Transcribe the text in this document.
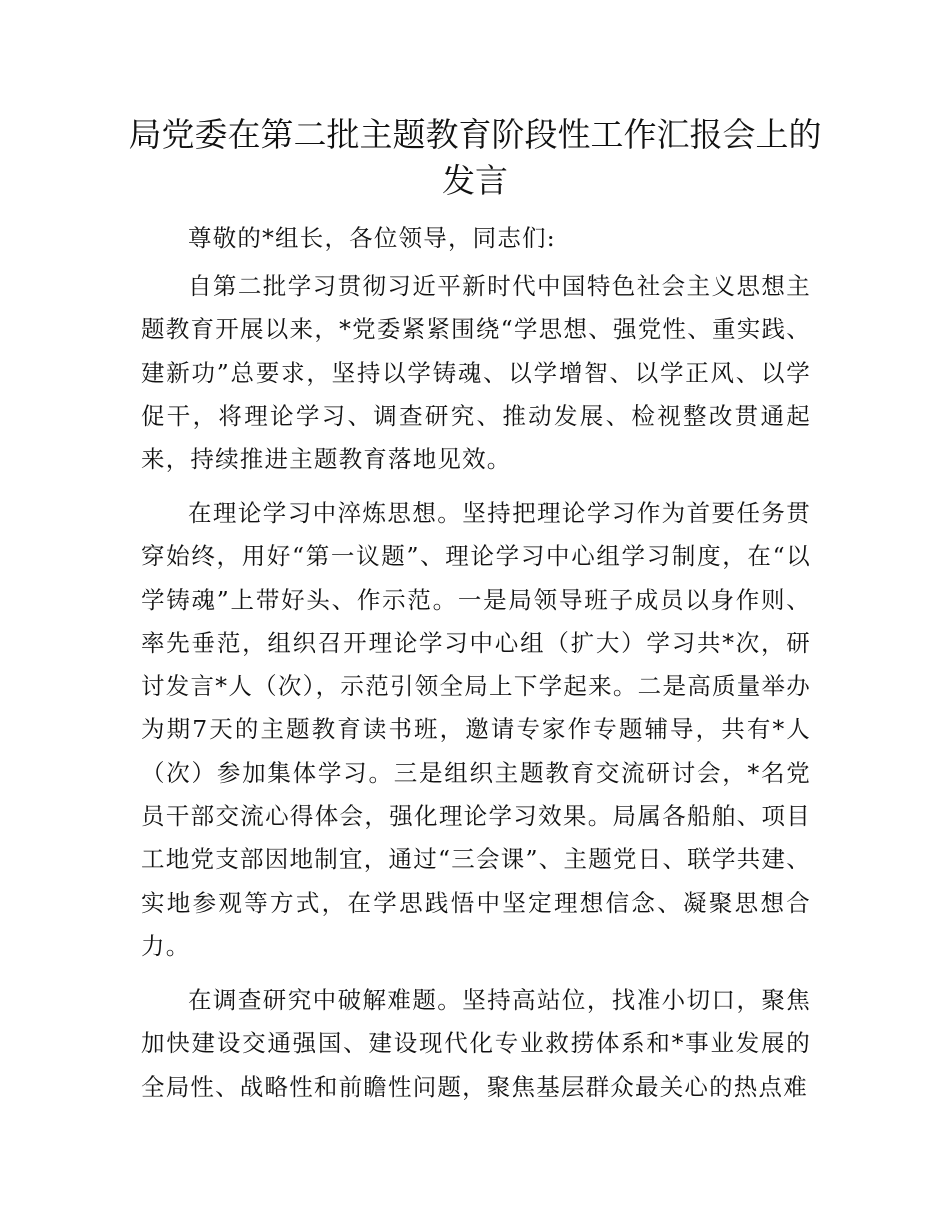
局党委在第二批主题教育阶段性工作汇报会上的发言

尊敬的*组长，各位领导，同志们:

自第二批学习贯彻习近平新时代中国特色社会主义思想主题教育开展以来，*党委紧紧围绕“学思想、强党性、重实践、建新功”总要求，坚持以学铸魂、以学增智、以学正风、以学促干，将理论学习、调查研究、推动发展、检视整改贯通起来，持续推进主题教育落地见效。

在理论学习中淬炼思想。坚持把理论学习作为首要任务贯穿始终，用好“第一议题”、理论学习中心组学习制度，在“以学铸魂”上带好头、作示范。一是局领导班子成员以身作则、率先垂范，组织召开理论学习中心组（扩大）学习共*次，研讨发言*人（次），示范引领全局上下学起来。二是高质量举办为期7天的主题教育读书班，邀请专家作专题辅导，共有*人（次）参加集体学习。三是组织主题教育交流研讨会，*名党员干部交流心得体会，强化理论学习效果。局属各船舶、项目工地党支部因地制宜，通过“三会课”、主题党日、联学共建、实地参观等方式，在学思践悟中坚定理想信念、凝聚思想合力。

在调查研究中破解难题。坚持高站位，找准小切口，聚焦加快建设交通强国、建设现代化专业救捞体系和*事业发展的全局性、战略性和前瞻性问题，聚焦基层群众最关心的热点难
